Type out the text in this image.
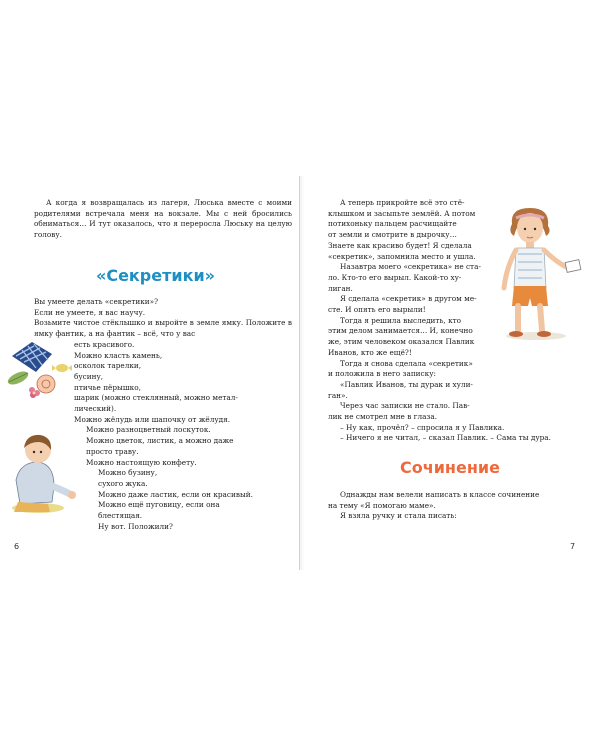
А когда я возвращалась из лагеря, Люська вместе с моими родителями встречала меня на вокзале. Мы с ней бросились обниматься… И тут оказалось, что я переросла Люську на целую голову.
«Секретики»
Вы умеете делать «секретики»?
Если не умеете, я вас научу.
Возьмите чистое стёклышко и выройте в земле ямку. Положите в ямку фантик, а на фантик – всё, что у вас
есть красивого.
Можно класть камень,
осколок тарелки,
бусину,
птичье пёрышко,
шарик (можно стеклянный, можно метал-
лический).
Можно жёлудь или шапочку от жёлудя.
Можно разноцветный лоскуток.
Можно цветок, листик, а можно даже
просто траву.
Можно настоящую конфету.
Можно бузину,
сухого жука.
Можно даже ластик, если он красивый.
Можно ещё пуговицу, если она
блестящая.
Ну вот. Положили?
6
А теперь прикройте всё это стё-
клышком и засыпьте землёй. А потом
потихоньку пальцем расчищайте
от земли и смотрите в дырочку…
Знаете как красиво будет! Я сделала
«секретик», запомнила место и ушла.
Назавтра моего «секретика» не ста-
ло. Кто-то его вырыл. Какой-то ху-
лиган.
Я сделала «секретик» в другом ме-
сте. И опять его вырыли!
Тогда я решила выследить, кто
этим делом занимается… И, конечно
же, этим человеком оказался Павлик
Иванов, кто же ещё?!
Тогда я снова сделала «секретик»
и положила в него записку:
«Павлик Иванов, ты дурак и хули-
ган».
Через час записки не стало. Пав-
лик не смотрел мне в глаза.
– Ну как, прочёл? – спросила я у Павлика.
– Ничего я не читал, – сказал Павлик. – Сама ты дура.
Сочинение
Однажды нам велели написать в классе сочинение
на тему «Я помогаю маме».
Я взяла ручку и стала писать:
7
